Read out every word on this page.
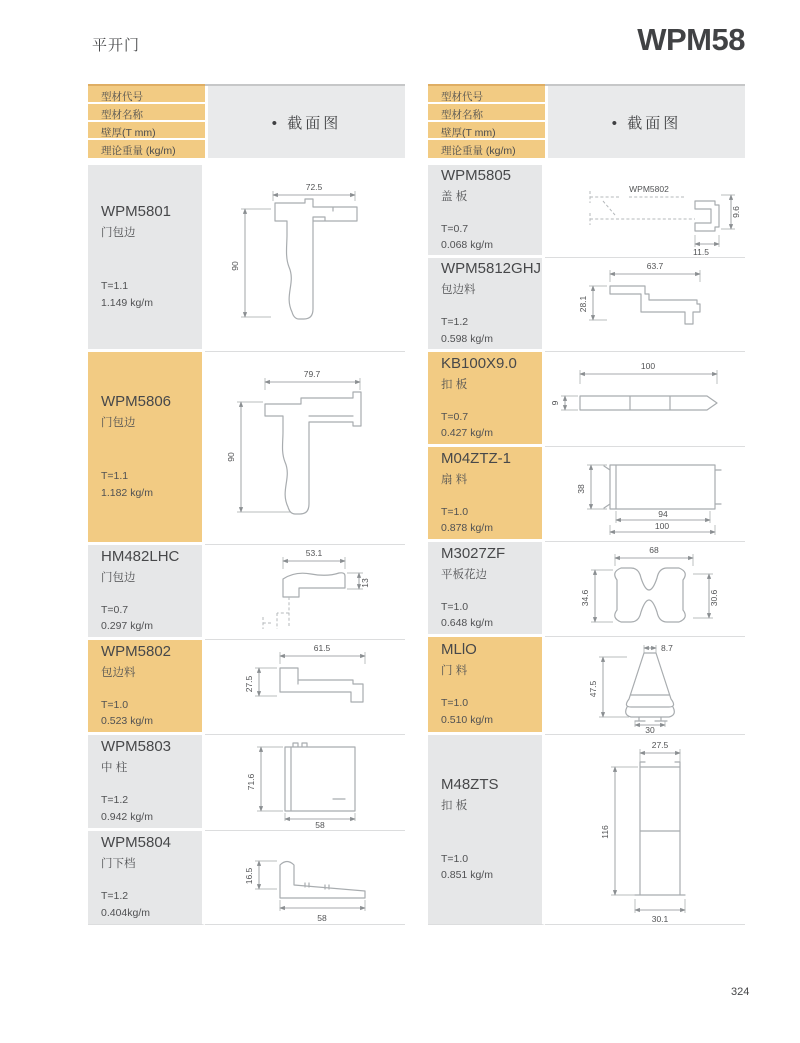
平开门	WPM58
型材代号
型材名称
壁厚(T mm)
理论重量 (kg/m)
• 截面图
WPM5801
门包边
T=1.1
1.149 kg/m
72.5
90
WPM5806
门包边
T=1.1
1.182 kg/m
79.7
90
HM482LHC
门包边
T=0.7
0.297 kg/m
53.1
13
WPM5802
包边料
T=1.0
0.523 kg/m
61.5
27.5
WPM5803
中 柱
T=1.2
0.942 kg/m
71.6
58
WPM5804
门下档
T=1.2
0.404kg/m
16.5
58
型材代号
型材名称
壁厚(T mm)
理论重量 (kg/m)
• 截面图
WPM5805
盖 板
T=0.7
0.068 kg/m
WPM5802
9.6
11.5
WPM5812GHJ
包边料
T=1.2
0.598 kg/m
63.7
28.1
KB100X9.0
扣 板
T=0.7
0.427 kg/m
100
9
M04ZTZ-1
扇 料
T=1.0
0.878 kg/m
38
94
100
M3027ZF
平板花边
T=1.0
0.648 kg/m
68
34.6	30.6
MLlO
门 料
T=1.0
0.510 kg/m
8.7
47.5
30
M48ZTS
扣 板
T=1.0
0.851 kg/m
27.5
116
30.1
324
